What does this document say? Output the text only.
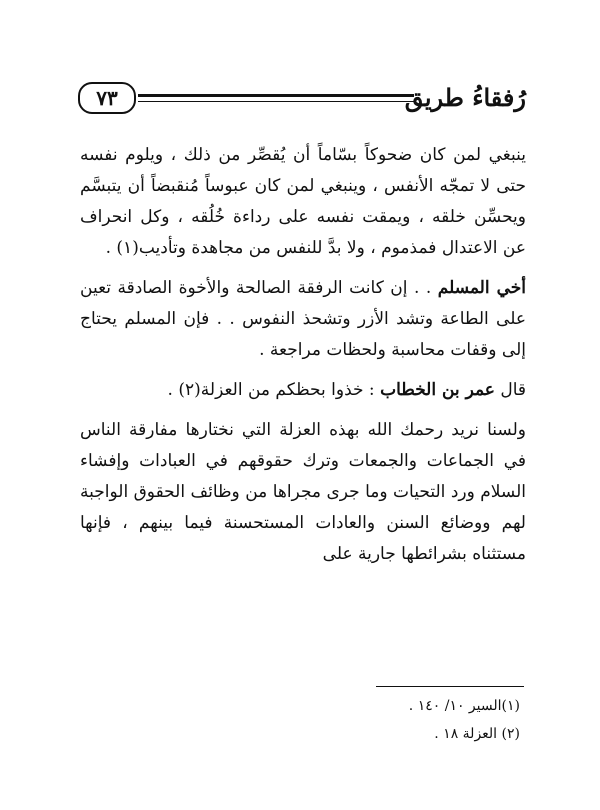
رُفقاءُ طريق
٧٣

ينبغي لمن كان ضحوكاً بسّاماً أن يُقصِّر من ذلك ، ويلوم نفسه حتى لا تمجّه الأنفس ، وينبغي لمن كان عبوساً مُنقبضاً أن يتبسَّم ويحسِّن خلقه ، ويمقت نفسه على رداءة خُلُقه ، وكل انحراف عن الاعتدال فمذموم ، ولا بدَّ للنفس من مجاهدة وتأديب(١) .

أخي المسلم . . إن كانت الرفقة الصالحة والأخوة الصادقة تعين على الطاعة وتشد الأزر وتشحذ النفوس . . فإن المسلم يحتاج إلى وقفات محاسبة ولحظات مراجعة .

قال عمر بن الخطاب : خذوا بحظكم من العزلة(٢) .

ولسنا نريد رحمك الله بهذه العزلة التي نختارها مفارقة الناس في الجماعات والجمعات وترك حقوقهم في العبادات وإفشاء السلام ورد التحيات وما جرى مجراها من وظائف الحقوق الواجبة لهم ووضائع السنن والعادات المستحسنة فيما بينهم ، فإنها مستثناه بشرائطها جارية على

(١)السير ١٠/ ١٤٠ .

(٢) العزلة ١٨ .
